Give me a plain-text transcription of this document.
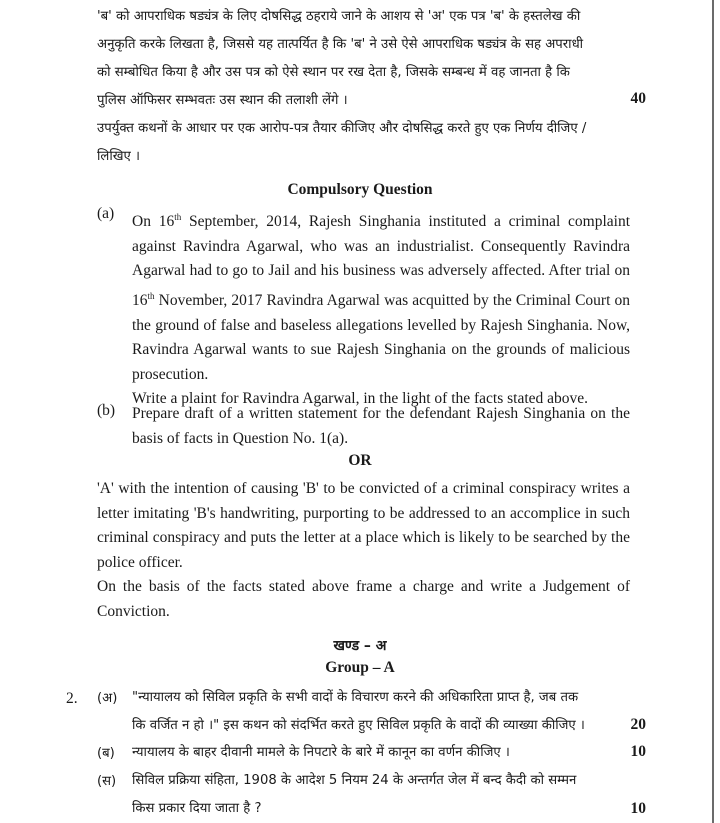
'ब' को आपराधिक षड्यंत्र के लिए दोषसिद्ध ठहराये जाने के आशय से 'अ' एक पत्र 'ब' के हस्तलेख की
अनुकृति करके लिखता है, जिससे यह तात्पर्यित है कि 'ब' ने उसे ऐसे आपराधिक षड्यंत्र के सह अपराधी
को सम्बोधित किया है और उस पत्र को ऐसे स्थान पर रख देता है, जिसके सम्बन्ध में वह जानता है कि
पुलिस ऑफिसर सम्भवतः उस स्थान की तलाशी लेंगे ।
उपर्युक्त कथनों के आधार पर एक आरोप-पत्र तैयार कीजिए और दोषसिद्ध करते हुए एक निर्णय दीजिए /
लिखिए ।
40
Compulsory Question
(a) On 16th September, 2014, Rajesh Singhania instituted a criminal complaint against Ravindra Agarwal, who was an industrialist. Consequently Ravindra Agarwal had to go to Jail and his business was adversely affected. After trial on 16th November, 2017 Ravindra Agarwal was acquitted by the Criminal Court on the ground of false and baseless allegations levelled by Rajesh Singhania. Now, Ravindra Agarwal wants to sue Rajesh Singhania on the grounds of malicious prosecution.

Write a plaint for Ravindra Agarwal, in the light of the facts stated above.

(b) Prepare draft of a written statement for the defendant Rajesh Singhania on the basis of facts in Question No. 1(a).
OR

'A' with the intention of causing 'B' to be convicted of a criminal conspiracy writes a letter imitating 'B's handwriting, purporting to be addressed to an accomplice in such criminal conspiracy and puts the letter at a place which is likely to be searched by the police officer.

On the basis of the facts stated above frame a charge and write a Judgement of Conviction.

खण्ड – अ
Group – A
2. (अ) "न्यायालय को सिविल प्रकृति के सभी वादों के विचारण करने की अधिकारिता प्राप्त है, जब तक
कि वर्जित न हो ।" इस कथन को संदर्भित करते हुए सिविल प्रकृति के वादों की व्याख्या कीजिए ।	20
(ब) न्यायालय के बाहर दीवानी मामले के निपटारे के बारे में कानून का वर्णन कीजिए ।	10
(स) सिविल प्रक्रिया संहिता, 1908 के आदेश 5 नियम 24 के अन्तर्गत जेल में बन्द कैदी को सम्मन
किस प्रकार दिया जाता है ?	10
